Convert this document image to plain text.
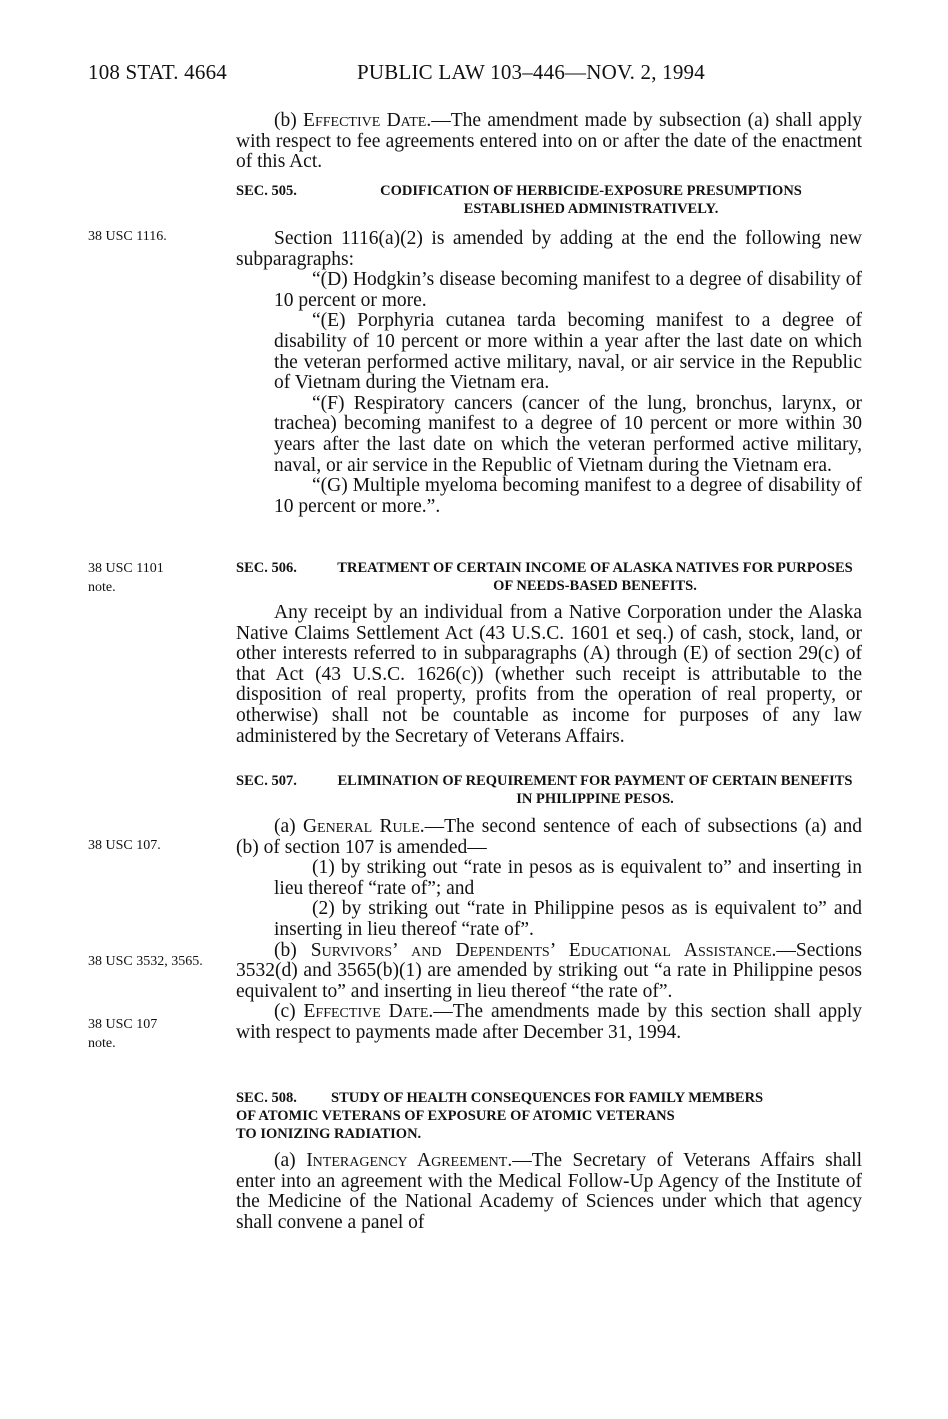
108 STAT. 4664	PUBLIC LAW 103–446—NOV. 2, 1994
38 USC 1116.
38 USC 1101 note.
38 USC 107.
38 USC 3532, 3565.
38 USC 107 note.

(b) Effective Date.—The amendment made by subsection (a) shall apply with respect to fee agreements entered into on or after the date of the enactment of this Act.

SEC. 505.	CODIFICATION OF HERBICIDE-EXPOSURE PRESUMPTIONS ESTABLISHED ADMINISTRATIVELY.

Section 1116(a)(2) is amended by adding at the end the following new subparagraphs:

“(D) Hodgkin’s disease becoming manifest to a degree of disability of 10 percent or more.

“(E) Porphyria cutanea tarda becoming manifest to a degree of disability of 10 percent or more within a year after the last date on which the veteran performed active military, naval, or air service in the Republic of Vietnam during the Vietnam era.

“(F) Respiratory cancers (cancer of the lung, bronchus, larynx, or trachea) becoming manifest to a degree of 10 percent or more within 30 years after the last date on which the veteran performed active military, naval, or air service in the Republic of Vietnam during the Vietnam era.

“(G) Multiple myeloma becoming manifest to a degree of disability of 10 percent or more.”.

SEC. 506.	TREATMENT OF CERTAIN INCOME OF ALASKA NATIVES FOR PURPOSES OF NEEDS-BASED BENEFITS.

Any receipt by an individual from a Native Corporation under the Alaska Native Claims Settlement Act (43 U.S.C. 1601 et seq.) of cash, stock, land, or other interests referred to in subparagraphs (A) through (E) of section 29(c) of that Act (43 U.S.C. 1626(c)) (whether such receipt is attributable to the disposition of real property, profits from the operation of real property, or otherwise) shall not be countable as income for purposes of any law administered by the Secretary of Veterans Affairs.

SEC. 507.	ELIMINATION OF REQUIREMENT FOR PAYMENT OF CERTAIN BENEFITS IN PHILIPPINE PESOS.

(a) General Rule.—The second sentence of each of subsections (a) and (b) of section 107 is amended—

(1) by striking out “rate in pesos as is equivalent to” and inserting in lieu thereof “rate of”; and

(2) by striking out “rate in Philippine pesos as is equivalent to” and inserting in lieu thereof “rate of”.

(b) Survivors’ and Dependents’ Educational Assistance.—Sections 3532(d) and 3565(b)(1) are amended by striking out “a rate in Philippine pesos equivalent to” and inserting in lieu thereof “the rate of”.

(c) Effective Date.—The amendments made by this section shall apply with respect to payments made after December 31, 1994.

SEC. 508. STUDY OF HEALTH CONSEQUENCES FOR FAMILY MEMBERS

OF ATOMIC VETERANS OF EXPOSURE OF ATOMIC VETERANS TO IONIZING RADIATION.

(a) Interagency Agreement.—The Secretary of Veterans Affairs shall enter into an agreement with the Medical Follow-Up Agency of the Institute of the Medicine of the National Academy of Sciences under which that agency shall convene a panel of
